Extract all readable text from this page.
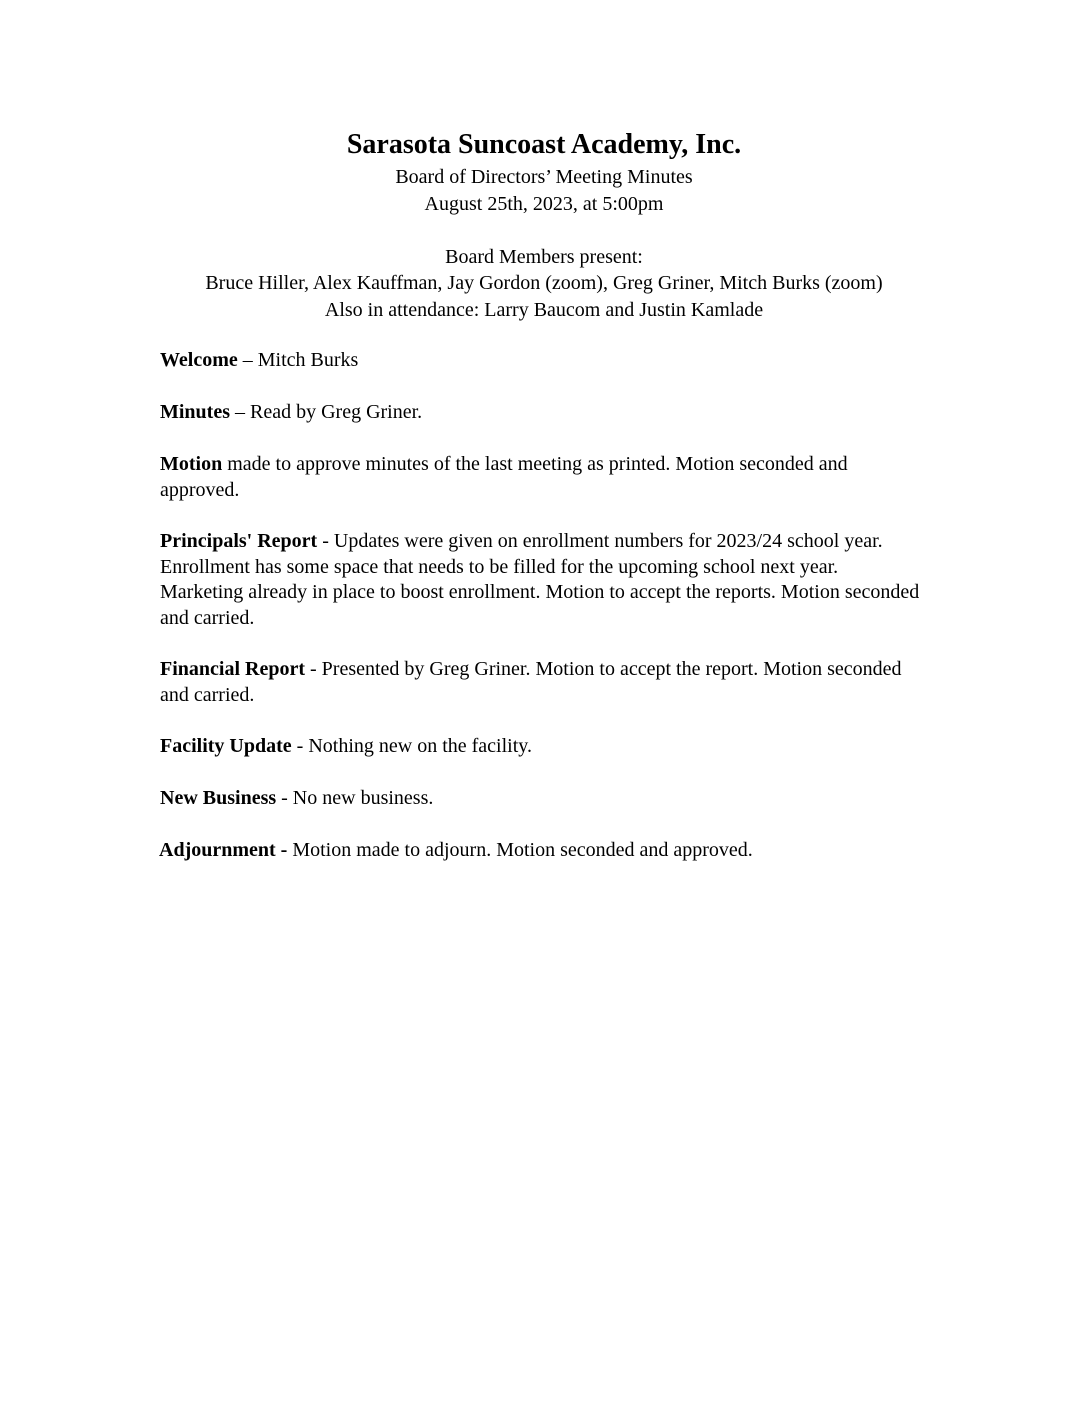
Sarasota Suncoast Academy, Inc.
Board of Directors’ Meeting Minutes
August 25th, 2023, at 5:00pm
Board Members present:
Bruce Hiller, Alex Kauffman, Jay Gordon (zoom), Greg Griner, Mitch Burks (zoom)
Also in attendance: Larry Baucom and Justin Kamlade

Welcome – Mitch Burks

Minutes – Read by Greg Griner.

Motion made to approve minutes of the last meeting as printed. Motion seconded and approved.

Principals' Report - Updates were given on enrollment numbers for 2023/24 school year. Enrollment has some space that needs to be filled for the upcoming school next year. Marketing already in place to boost enrollment. Motion to accept the reports. Motion seconded and carried.

Financial Report - Presented by Greg Griner. Motion to accept the report. Motion seconded and carried.

Facility Update - Nothing new on the facility.

New Business - No new business.

Adjournment - Motion made to adjourn. Motion seconded and approved.
